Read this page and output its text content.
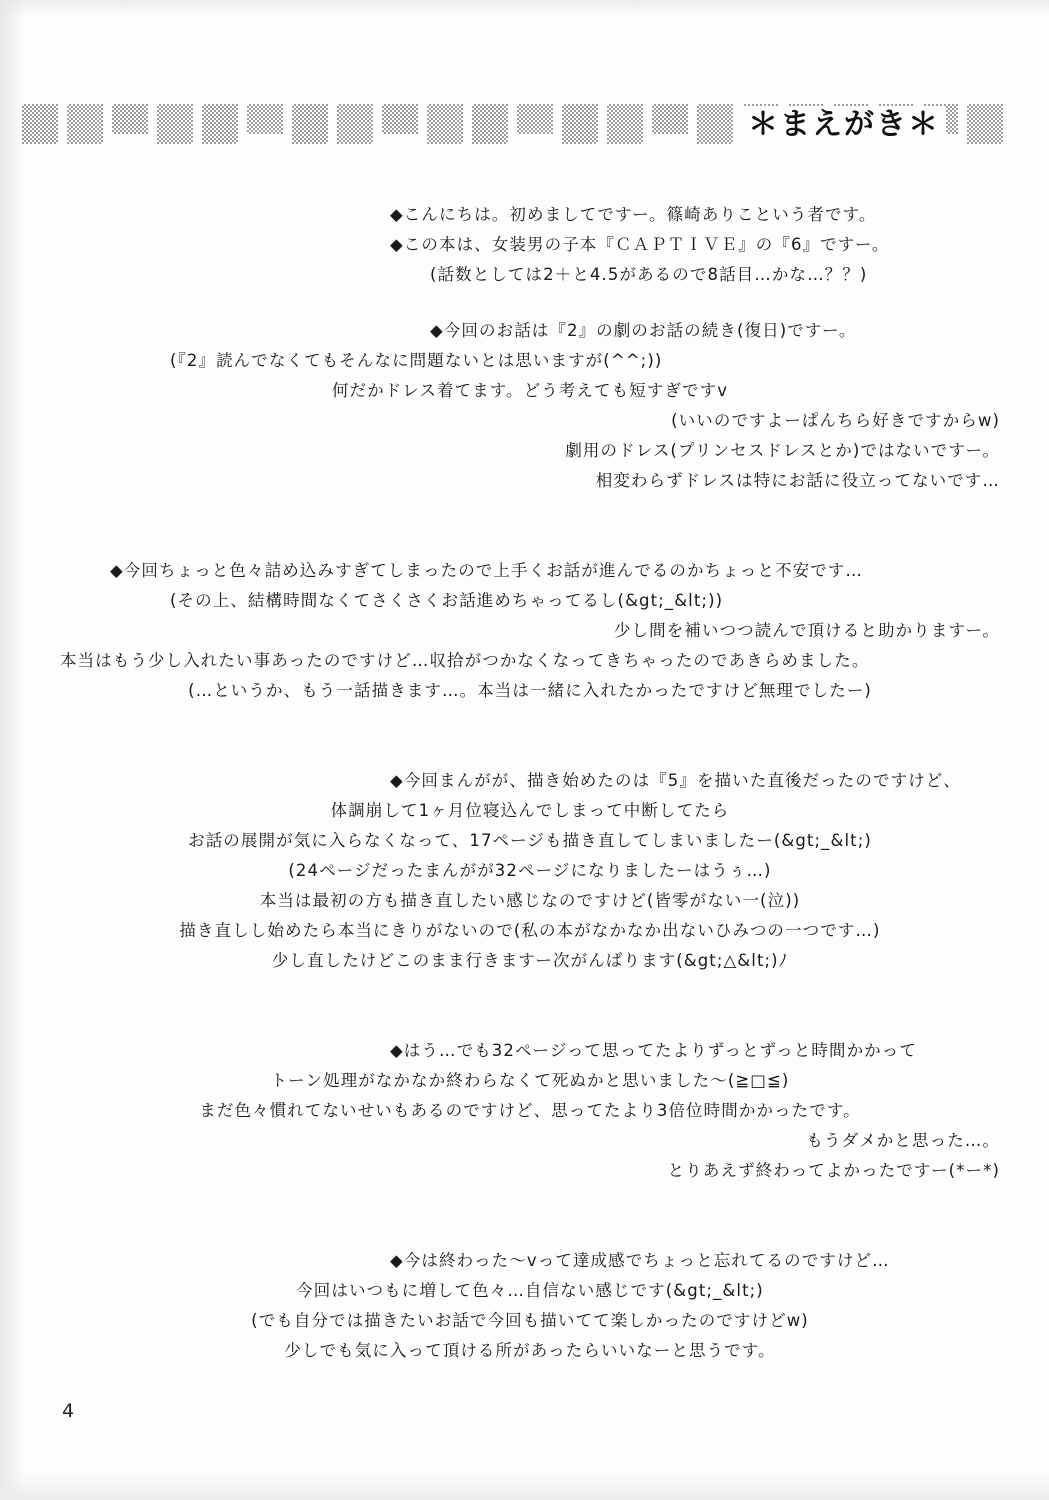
＊まえがき＊
◆こんにちは。初めましてですー。篠崎ありこという者です。
◆この本は、女装男の子本『ＣＡＰＴＩＶＥ』の『6』ですー。
(話数としては2＋と4.5があるので8話目…かな…？？)
◆今回のお話は『2』の劇のお話の続き(復日)ですー。
(『2』読んでなくてもそんなに問題ないとは思いますが(^^;))
何だかドレス着てます。どう考えても短すぎですv
(いいのですよーぱんちら好きですからw)
劇用のドレス(プリンセスドレスとか)ではないですー。
相変わらずドレスは特にお話に役立ってないです…
◆今回ちょっと色々詰め込みすぎてしまったので上手くお話が進んでるのかちょっと不安です…
(その上、結構時間なくてさくさくお話進めちゃってるし(&gt;_&lt;))
少し間を補いつつ読んで頂けると助かりますー。
本当はもう少し入れたい事あったのですけど…収拾がつかなくなってきちゃったのであきらめました。
(…というか、もう一話描きます…。本当は一緒に入れたかったですけど無理でしたー)
◆今回まんがが、描き始めたのは『5』を描いた直後だったのですけど、
体調崩して1ヶ月位寝込んでしまって中断してたら
お話の展開が気に入らなくなって、17ページも描き直してしまいましたー(&gt;_&lt;)
(24ページだったまんがが32ページになりましたーはうぅ…)
本当は最初の方も描き直したい感じなのですけど(皆零がない一(泣))
描き直しし始めたら本当にきりがないので(私の本がなかなか出ないひみつの一つです…)
少し直したけどこのまま行きますー次がんばります(&gt;△&lt;)ﾉ
◆はう…でも32ページって思ってたよりずっとずっと時間かかって
トーン処理がなかなか終わらなくて死ぬかと思いました～(≧□≦)
まだ色々慣れてないせいもあるのですけど、思ってたより3倍位時間かかったです。
もうダメかと思った…。
とりあえず終わってよかったですー(*ー*)
◆今は終わった～vって達成感でちょっと忘れてるのですけど…
今回はいつもに増して色々…自信ない感じです(&gt;_&lt;)
(でも自分では描きたいお話で今回も描いてて楽しかったのですけどw)
少しでも気に入って頂ける所があったらいいなーと思うです。
4
